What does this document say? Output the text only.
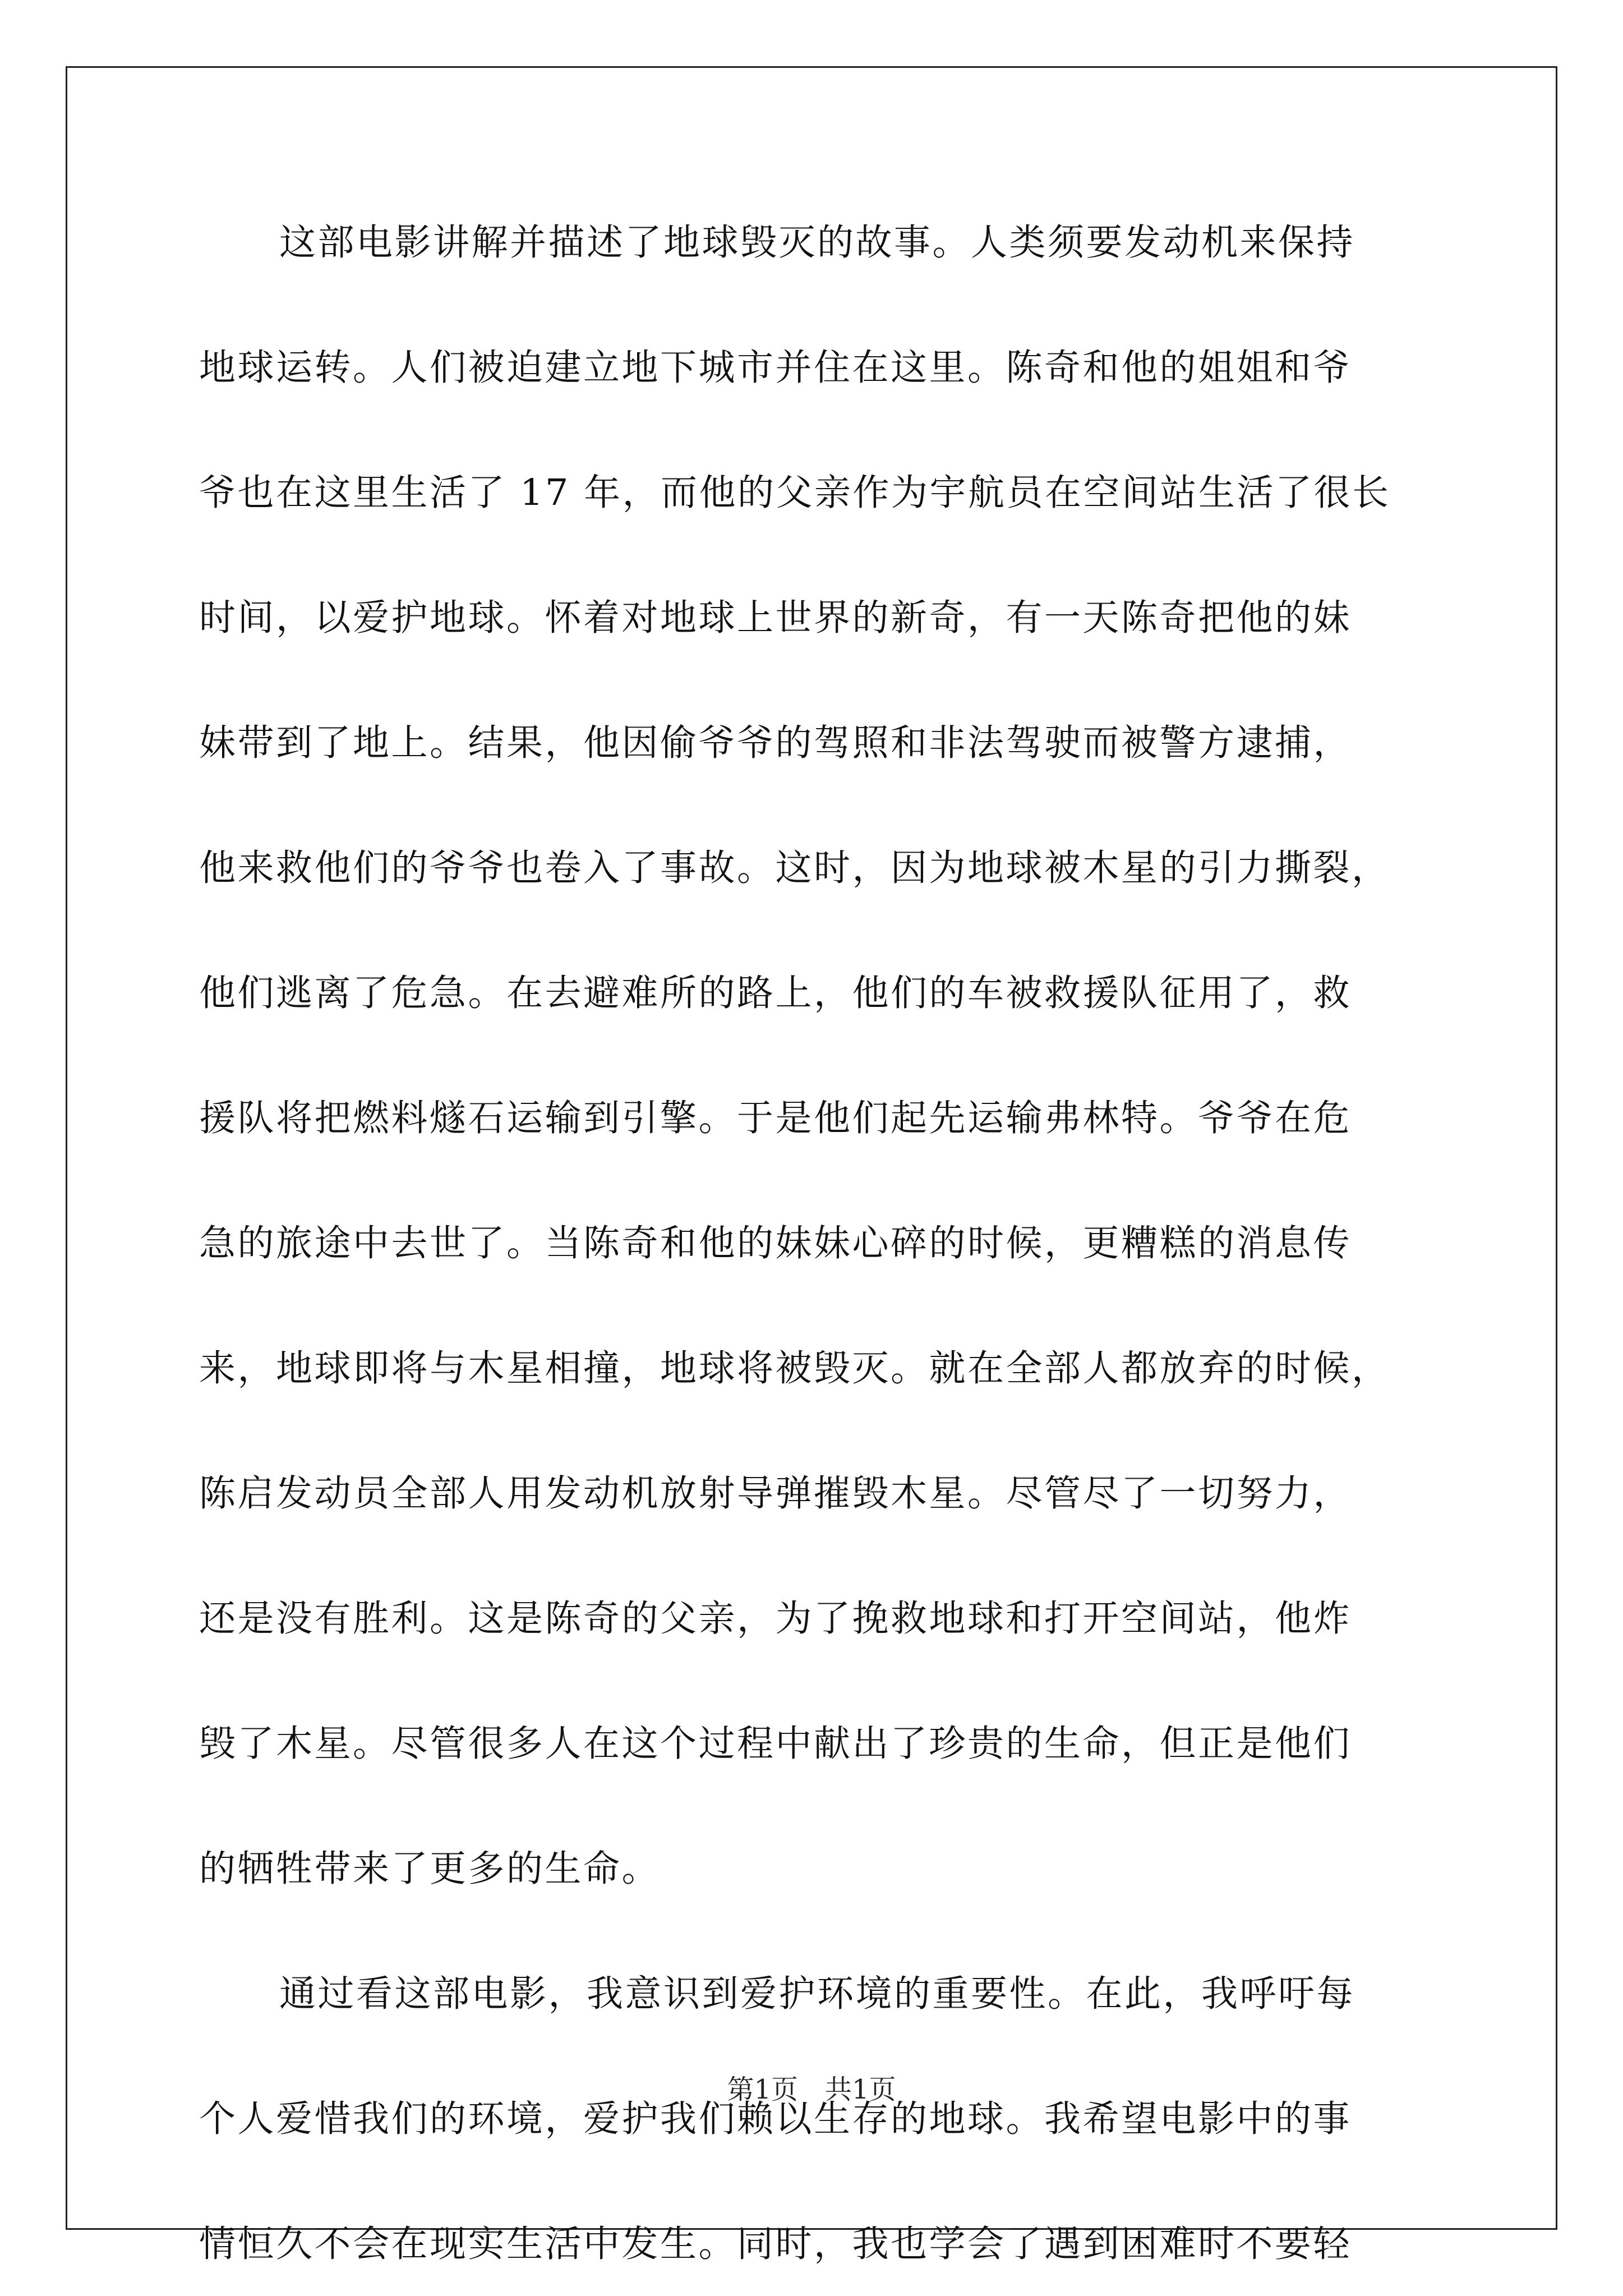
这部电影讲解并描述了地球毁灭的故事。人类须要发动机来保持
地球运转。人们被迫建立地下城市并住在这里。陈奇和他的姐姐和爷
爷也在这里生活了 17 年，而他的父亲作为宇航员在空间站生活了很长
时间，以爱护地球。怀着对地球上世界的新奇，有一天陈奇把他的妹
妹带到了地上。结果，他因偷爷爷的驾照和非法驾驶而被警方逮捕，
他来救他们的爷爷也卷入了事故。这时，因为地球被木星的引力撕裂，
他们逃离了危急。在去避难所的路上，他们的车被救援队征用了，救
援队将把燃料燧石运输到引擎。于是他们起先运输弗林特。爷爷在危
急的旅途中去世了。当陈奇和他的妹妹心碎的时候，更糟糕的消息传
来，地球即将与木星相撞，地球将被毁灭。就在全部人都放弃的时候，
陈启发动员全部人用发动机放射导弹摧毁木星。尽管尽了一切努力，
还是没有胜利。这是陈奇的父亲，为了挽救地球和打开空间站，他炸
毁了木星。尽管很多人在这个过程中献出了珍贵的生命，但正是他们
的牺牲带来了更多的生命。
通过看这部电影，我意识到爱护环境的重要性。在此，我呼吁每
个人爱惜我们的环境，爱护我们赖以生存的地球。我希望电影中的事
情恒久不会在现实生活中发生。同时，我也学会了遇到困难时不要轻
第1页　共1页
